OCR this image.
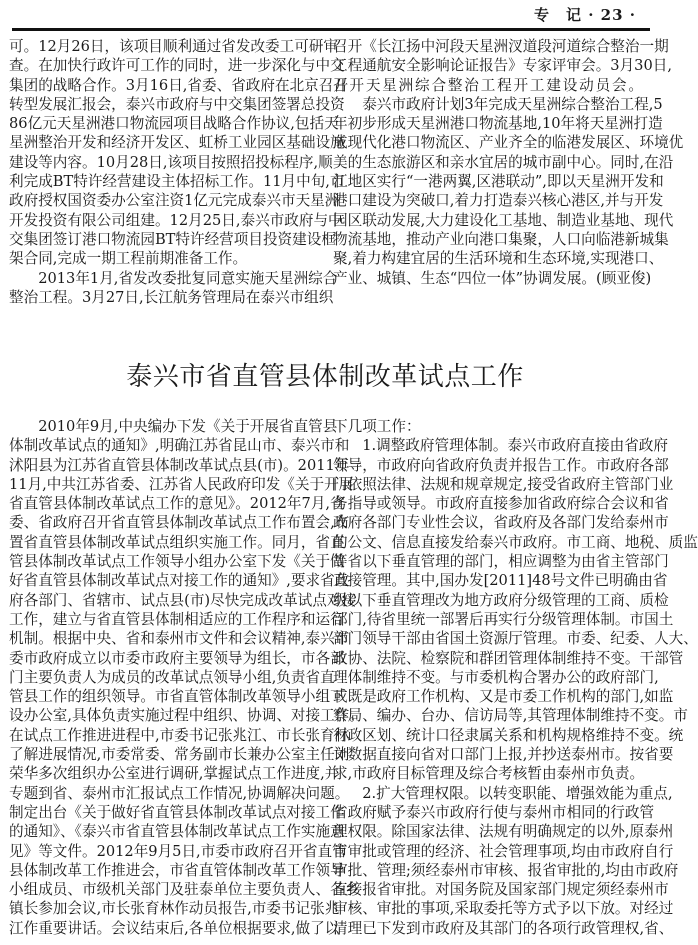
专　记 · 23 ·
可。12月26日，该项目顺利通过省发改委工可研审
查。在加快行政许可工作的同时，进一步深化与中交
集团的战略合作。3月16日,省委、省政府在北京召开
转型发展汇报会，泰兴市政府与中交集团签署总投资
86亿元天星洲港口物流园项目战略合作协议,包括天
星洲整治开发和经济开发区、虹桥工业园区基础设施
建设等内容。10月28日,该项目按照招投标程序,顺
利完成BT特许经营建设主体招标工作。11月中旬,市
政府授权国资委办公室注资1亿元完成泰兴市天星洲
开发投资有限公司组建。12月25日,泰兴市政府与中
交集团签订港口物流园BT特许经营项目投资建设框
架合同,完成一期工程前期准备工作。
2013年1月,省发改委批复同意实施天星洲综合
整治工程。3月27日,长江航务管理局在泰兴市组织
召开《长江扬中河段天星洲汊道段河道综合整治一期
工程通航安全影响论证报告》专家评审会。3月30日,
召开天星洲综合整治工程开工建设动员会。
泰兴市政府计划3年完成天星洲综合整治工程,5
年初步形成天星洲港口物流基地,10年将天星洲打造
成现代化港口物流区、产业齐全的临港发展区、环境优
美的生态旅游区和亲水宜居的城市副中心。同时,在沿
江地区实行“一港两翼,区港联动”,即以天星洲开发和
港口建设为突破口,着力打造泰兴核心港区,并与开发
园区联动发展,大力建设化工基地、制造业基地、现代
物流基地，推动产业向港口集聚，人口向临港新城集
聚,着力构建宜居的生活环境和生态环境,实现港口、
产业、城镇、生态“四位一体”协调发展。(顾亚俊)
泰兴市省直管县体制改革试点工作
2010年9月,中央编办下发《关于开展省直管县
体制改革试点的通知》,明确江苏省昆山市、泰兴市和
沭阳县为江苏省直管县体制改革试点县(市)。2011年
11月,中共江苏省委、江苏省人民政府印发《关于开展
省直管县体制改革试点工作的意见》。2012年7月,省
委、省政府召开省直管县体制改革试点工作布置会,布
置省直管县体制改革试点组织实施工作。同月，省直
管县体制改革试点工作领导小组办公室下发《关于做
好省直管县体制改革试点对接工作的通知》,要求省政
府各部门、省辖市、试点县(市)尽快完成改革试点对接
工作，建立与省直管县体制相适应的工作程序和运行
机制。根据中央、省和泰州市文件和会议精神,泰兴市
委市政府成立以市委市政府主要领导为组长，市各部
门主要负责人为成员的改革试点领导小组,负责省直
管县工作的组织领导。市省直管体制改革领导小组下
设办公室,具体负责实施过程中组织、协调、对接工作。
在试点工作推进进程中,市委书记张兆江、市长张育林
了解进展情况,市委常委、常务副市长兼办公室主任刘
荣华多次组织办公室进行调研,掌握试点工作进度,并
专题到省、泰州市汇报试点工作情况,协调解决问题。
制定出台《关于做好省直管县体制改革试点对接工作
的通知》、《泰兴市省直管县体制改革试点工作实施意
见》等文件。2012年9月5日,市委市政府召开省直管
县体制改革工作推进会，市省直管体制改革工作领导
小组成员、市级机关部门及驻泰单位主要负责人、各乡
镇长参加会议,市长张育林作动员报告,市委书记张兆
江作重要讲话。会议结束后,各单位根据要求,做了以
下几项工作：
1.调整政府管理体制。泰兴市政府直接由省政府
领导，市政府向省政府负责并报告工作。市政府各部
门依照法律、法规和规章规定,接受省政府主管部门业
务指导或领导。市政府直接参加省政府综合会议和省
政府各部门专业性会议，省政府及各部门发给泰州市
的公文、信息直接发给泰兴市政府。市工商、地税、质监
等省以下垂直管理的部门，相应调整为由省主管部门
直接管理。其中,国办发[2011]48号文件已明确由省
级以下垂直管理改为地方政府分级管理的工商、质检
部门,待省里统一部署后再实行分级管理体制。市国土
部门领导干部由省国土资源厅管理。市委、纪委、人大、
政协、法院、检察院和群团管理体制维持不变。干部管
理体制维持不变。与市委机构合署办公的政府部门,
或既是政府工作机构、又是市委工作机构的部门,如监
察局、编办、台办、信访局等,其管理体制维持不变。市
行政区划、统计口径隶属关系和机构规格维持不变。统
计数据直接向省对口部门上报,并抄送泰州市。按省要
求,市政府目标管理及综合考核暂由泰州市负责。
2.扩大管理权限。以转变职能、增强效能为重点,
省政府赋予泰兴市政府行使与泰州市相同的行政管
理权限。除国家法律、法规有明确规定的以外,原泰州
市审批或管理的经济、社会管理事项,均由市政府自行
审批、管理;须经泰州市审核、报省审批的,均由市政府
直接报省审批。对国务院及国家部门规定须经泰州市
审核、审批的事项,采取委托等方式予以下放。对经过
清理已下发到市政府及其部门的各项行政管理权,省、
